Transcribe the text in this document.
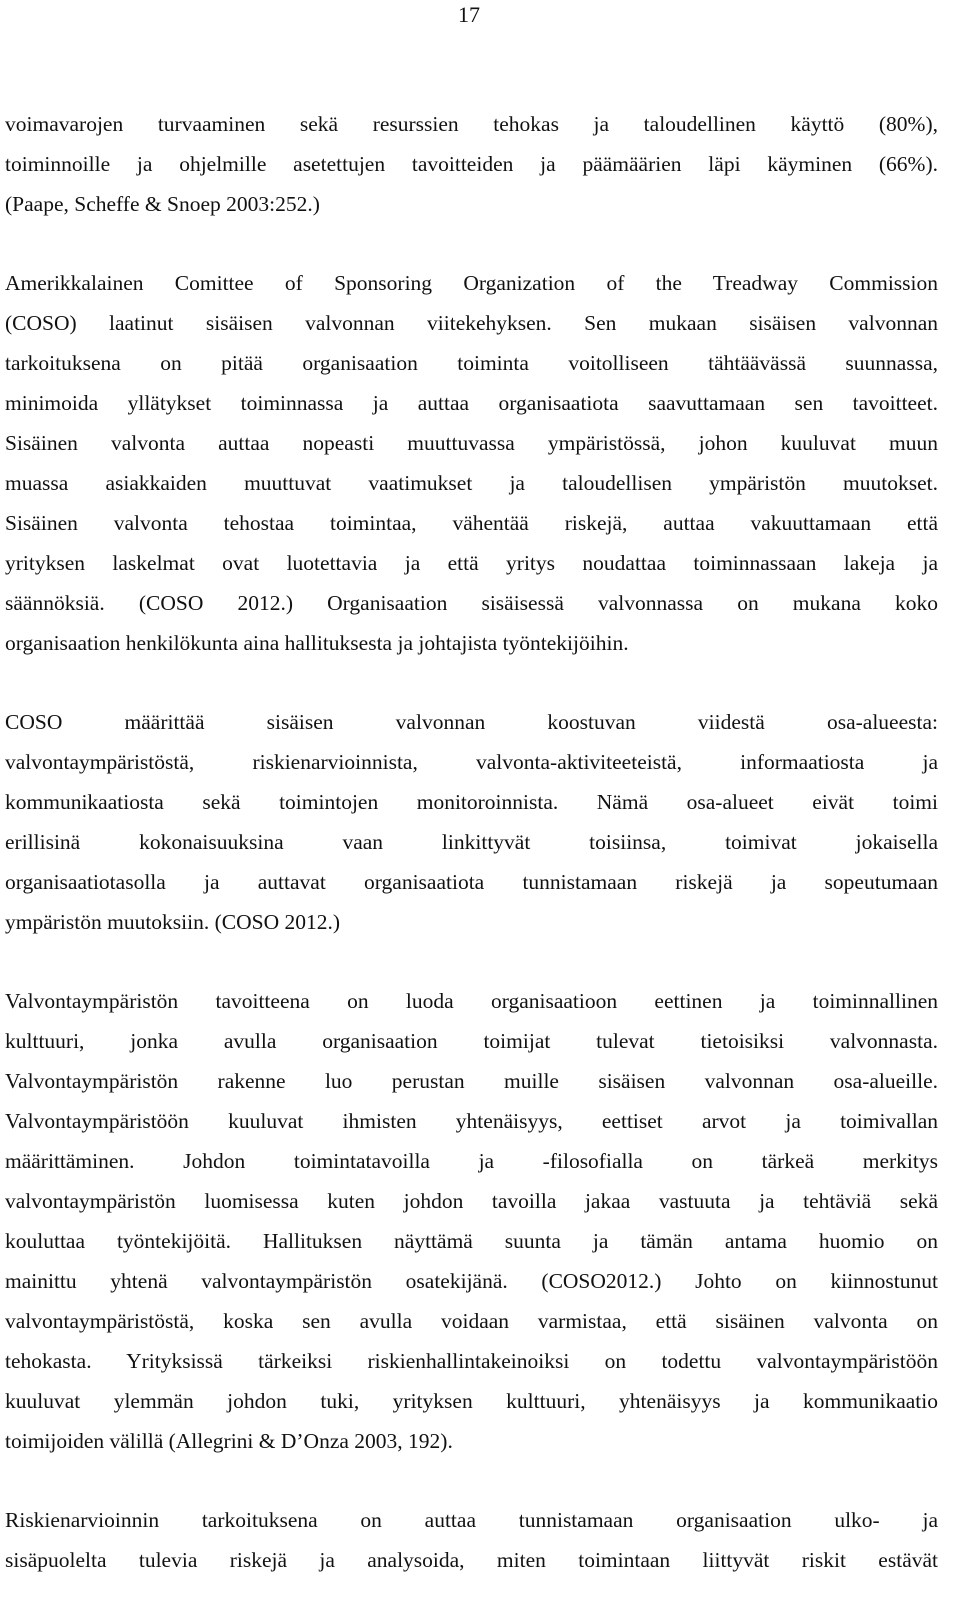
17
voimavarojen turvaaminen sekä resurssien tehokas ja taloudellinen käyttö (80%),
toiminnoille ja ohjelmille asetettujen tavoitteiden ja päämäärien läpi käyminen (66%).
(Paape, Scheffe & Snoep 2003:252.)
Amerikkalainen Comittee of Sponsoring Organization of the Treadway Commission
(COSO) laatinut sisäisen valvonnan viitekehyksen. Sen mukaan sisäisen valvonnan
tarkoituksena on pitää organisaation toiminta voitolliseen tähtäävässä suunnassa,
minimoida yllätykset toiminnassa ja auttaa organisaatiota saavuttamaan sen tavoitteet.
Sisäinen valvonta auttaa nopeasti muuttuvassa ympäristössä, johon kuuluvat muun
muassa asiakkaiden muuttuvat vaatimukset ja taloudellisen ympäristön muutokset.
Sisäinen valvonta tehostaa toimintaa, vähentää riskejä, auttaa vakuuttamaan että
yrityksen laskelmat ovat luotettavia ja että yritys noudattaa toiminnassaan lakeja ja
säännöksiä. (COSO 2012.) Organisaation sisäisessä valvonnassa on mukana koko
organisaation henkilökunta aina hallituksesta ja johtajista työntekijöihin.
COSO määrittää sisäisen valvonnan koostuvan viidestä osa-alueesta:
valvontaympäristöstä, riskienarvioinnista, valvonta-aktiviteeteistä, informaatiosta ja
kommunikaatiosta sekä toimintojen monitoroinnista. Nämä osa-alueet eivät toimi
erillisinä kokonaisuuksina vaan linkittyvät toisiinsa, toimivat jokaisella
organisaatiotasolla ja auttavat organisaatiota tunnistamaan riskejä ja sopeutumaan
ympäristön muutoksiin. (COSO 2012.)
Valvontaympäristön tavoitteena on luoda organisaatioon eettinen ja toiminnallinen
kulttuuri, jonka avulla organisaation toimijat tulevat tietoisiksi valvonnasta.
Valvontaympäristön rakenne luo perustan muille sisäisen valvonnan osa-alueille.
Valvontaympäristöön kuuluvat ihmisten yhtenäisyys, eettiset arvot ja toimivallan
määrittäminen. Johdon toimintatavoilla ja -filosofialla on tärkeä merkitys
valvontaympäristön luomisessa kuten johdon tavoilla jakaa vastuuta ja tehtäviä sekä
kouluttaa työntekijöitä. Hallituksen näyttämä suunta ja tämän antama huomio on
mainittu yhtenä valvontaympäristön osatekijänä. (COSO2012.) Johto on kiinnostunut
valvontaympäristöstä, koska sen avulla voidaan varmistaa, että sisäinen valvonta on
tehokasta. Yrityksissä tärkeiksi riskienhallintakeinoiksi on todettu valvontaympäristöön
kuuluvat ylemmän johdon tuki, yrityksen kulttuuri, yhtenäisyys ja kommunikaatio
toimijoiden välillä (Allegrini & D’Onza 2003, 192).
Riskienarvioinnin tarkoituksena on auttaa tunnistamaan organisaation ulko- ja
sisäpuolelta tulevia riskejä ja analysoida, miten toimintaan liittyvät riskit estävät
